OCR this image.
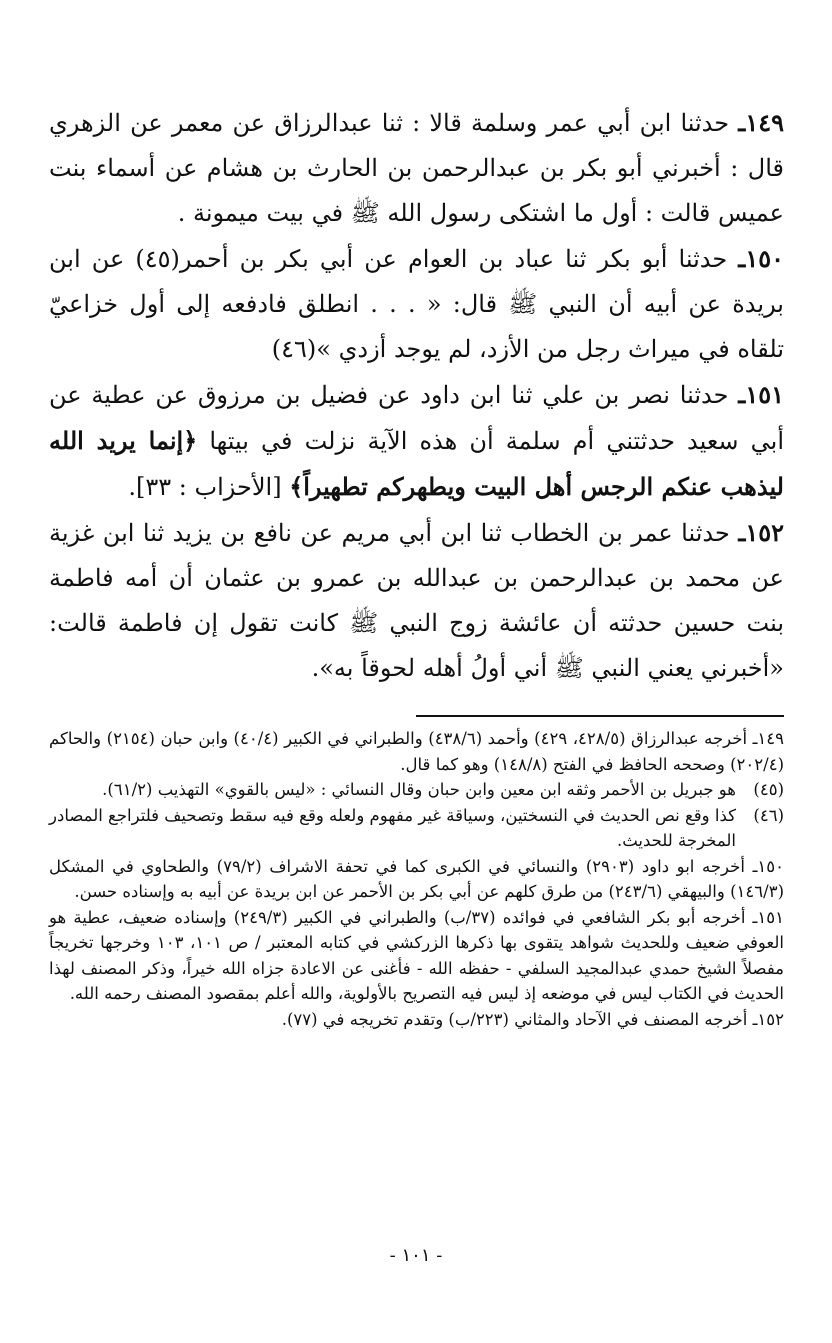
١٤٩ـ حدثنا ابن أبي عمر وسلمة قالا : ثنا عبدالرزاق عن معمر عن الزهري قال : أخبرني أبو بكر بن عبدالرحمن بن الحارث بن هشام عن أسماء بنت عميس قالت : أول ما اشتكى رسول الله ﷺ في بيت ميمونة .

١٥٠ـ حدثنا أبو بكر ثنا عباد بن العوام عن أبي بكر بن أحمر(٤٥) عن ابن بريدة عن أبيه أن النبي ﷺ قال: « . . . انطلق فادفعه إلى أول خزاعيّ تلقاه في ميراث رجل من الأزد، لم يوجد أزدي »(٤٦)

١٥١ـ حدثنا نصر بن علي ثنا ابن داود عن فضيل بن مرزوق عن عطية عن أبي سعيد حدثتني أم سلمة أن هذه الآية نزلت في بيتها ﴿إنما يريد الله ليذهب عنكم الرجس أهل البيت ويطهركم تطهيراً﴾ [الأحزاب : ٣٣].

١٥٢ـ حدثنا عمر بن الخطاب ثنا ابن أبي مريم عن نافع بن يزيد ثنا ابن غزية عن محمد بن عبدالرحمن بن عبدالله بن عمرو بن عثمان أن أمه فاطمة بنت حسين حدثته أن عائشة زوج النبي ﷺ كانت تقول إن فاطمة قالت: «أخبرني يعني النبي ﷺ أني أولُ أهله لحوقاً به».

١٤٩ـ أخرجه عبدالرزاق (٤٢٨/٥، ٤٢٩) وأحمد (٤٣٨/٦) والطبراني في الكبير (٤٠/٤) وابن حبان (٢١٥٤) والحاكم (٢٠٢/٤) وصححه الحافظ في الفتح (١٤٨/٨) وهو كما قال.

(٤٥)
هو جبريل بن الأحمر وثقه ابن معين وابن حبان وقال النسائي : «ليس بالقوي» التهذيب (٦١/٢).
(٤٦)
كذا وقع نص الحديث في النسختين، وسياقة غير مفهوم ولعله وقع فيه سقط وتصحيف فلتراجع المصادر المخرجة للحديث.

١٥٠ـ أخرجه ابو داود (٢٩٠٣) والنسائي في الكبرى كما في تحفة الاشراف (٧٩/٢) والطحاوي في المشكل (١٤٦/٣) والبيهقي (٢٤٣/٦) من طرق كلهم عن أبي بكر بن الأحمر عن ابن بريدة عن أبيه به وإسناده حسن.

١٥١ـ أخرجه أبو بكر الشافعي في فوائده (٣٧/ب) والطبراني في الكبير (٢٤٩/٣) وإسناده ضعيف، عطية هو العوفي ضعيف وللحديث شواهد يتقوى بها ذكرها الزركشي في كتابه المعتبر / ص ١٠١، ١٠٣ وخرجها تخريجاً مفصلاً الشيخ حمدي عبدالمجيد السلفي - حفظه الله - فأغنى عن الاعادة جزاه الله خيراً، وذكر المصنف لهذا الحديث في الكتاب ليس في موضعه إذ ليس فيه التصريح بالأولوية، والله أعلم بمقصود المصنف رحمه الله.

١٥٢ـ أخرجه المصنف في الآحاد والمثاني (٢٢٣/ب) وتقدم تخريجه في (٧٧).

- ١٠١ -
